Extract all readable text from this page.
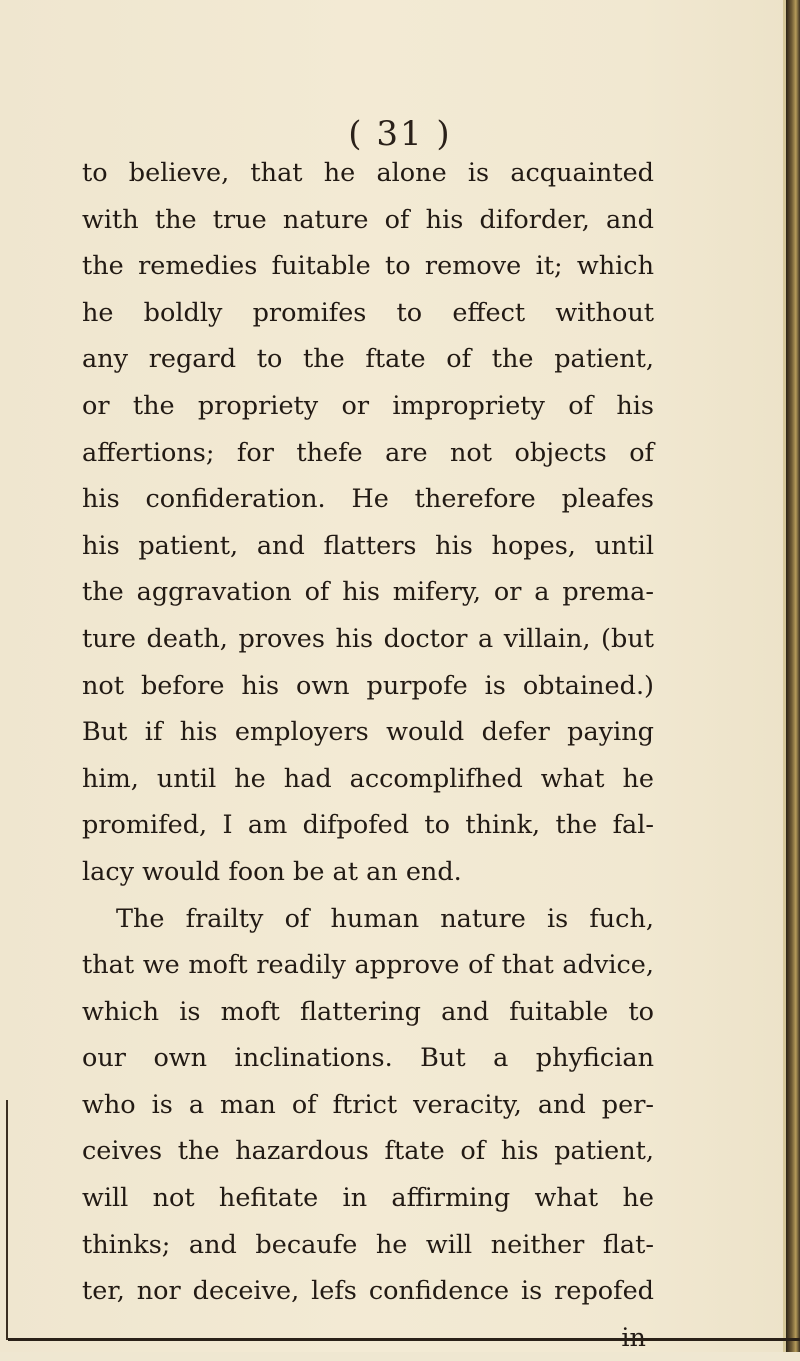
( 31 )
to believe, that he alone is acquainted
with the true nature of his diforder, and
the remedies fuitable to remove it; which
he boldly promifes to effect without
any regard to the ftate of the patient,
or the propriety or impropriety of his
affertions; for thefe are not objects of
his confideration. He therefore pleafes
his patient, and flatters his hopes, until
the aggravation of his mifery, or a prema-
ture death, proves his doctor a villain, (but
not before his own purpofe is obtained.)
But if his employers would defer paying
him, until he had accomplifhed what he
promifed, I am difpofed to think, the fal-
lacy would foon be at an end.
The frailty of human nature is fuch,
that we moft readily approve of that advice,
which is moft flattering and fuitable to
our own inclinations. But a phyfician
who is a man of ftrict veracity, and per-
ceives the hazardous ftate of his patient,
will not hefitate in affirming what he
thinks; and becaufe he will neither flat-
ter, nor deceive, lefs confidence is repofed
